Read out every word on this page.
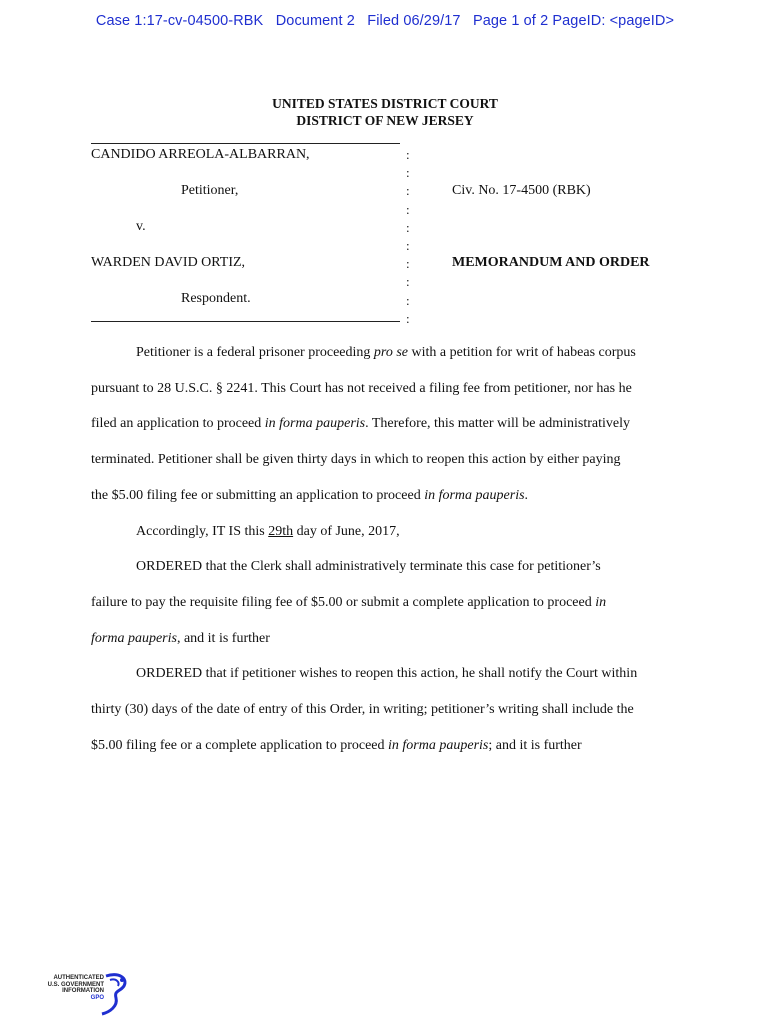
Case 1:17-cv-04500-RBK   Document 2   Filed 06/29/17   Page 1 of 2 PageID: <pageID>
UNITED STATES DISTRICT COURT
DISTRICT OF NEW JERSEY
CANDIDO ARREOLA-ALBARRAN,
Petitioner,
v.
WARDEN DAVID ORTIZ,
Respondent.
:
:
:
:
:
:
:
:
:
:
Civ. No. 17-4500 (RBK)
MEMORANDUM AND ORDER
Petitioner is a federal prisoner proceeding pro se with a petition for writ of habeas corpus
pursuant to 28 U.S.C. § 2241. This Court has not received a filing fee from petitioner, nor has he
filed an application to proceed in forma pauperis. Therefore, this matter will be administratively
terminated. Petitioner shall be given thirty days in which to reopen this action by either paying
the $5.00 filing fee or submitting an application to proceed in forma pauperis.
Accordingly, IT IS this 29th day of June, 2017,
ORDERED that the Clerk shall administratively terminate this case for petitioner’s
failure to pay the requisite filing fee of $5.00 or submit a complete application to proceed in
forma pauperis, and it is further
ORDERED that if petitioner wishes to reopen this action, he shall notify the Court within
thirty (30) days of the date of entry of this Order, in writing; petitioner’s writing shall include the
$5.00 filing fee or a complete application to proceed in forma pauperis; and it is further
AUTHENTICATED
U.S. GOVERNMENT
INFORMATION
GPO
